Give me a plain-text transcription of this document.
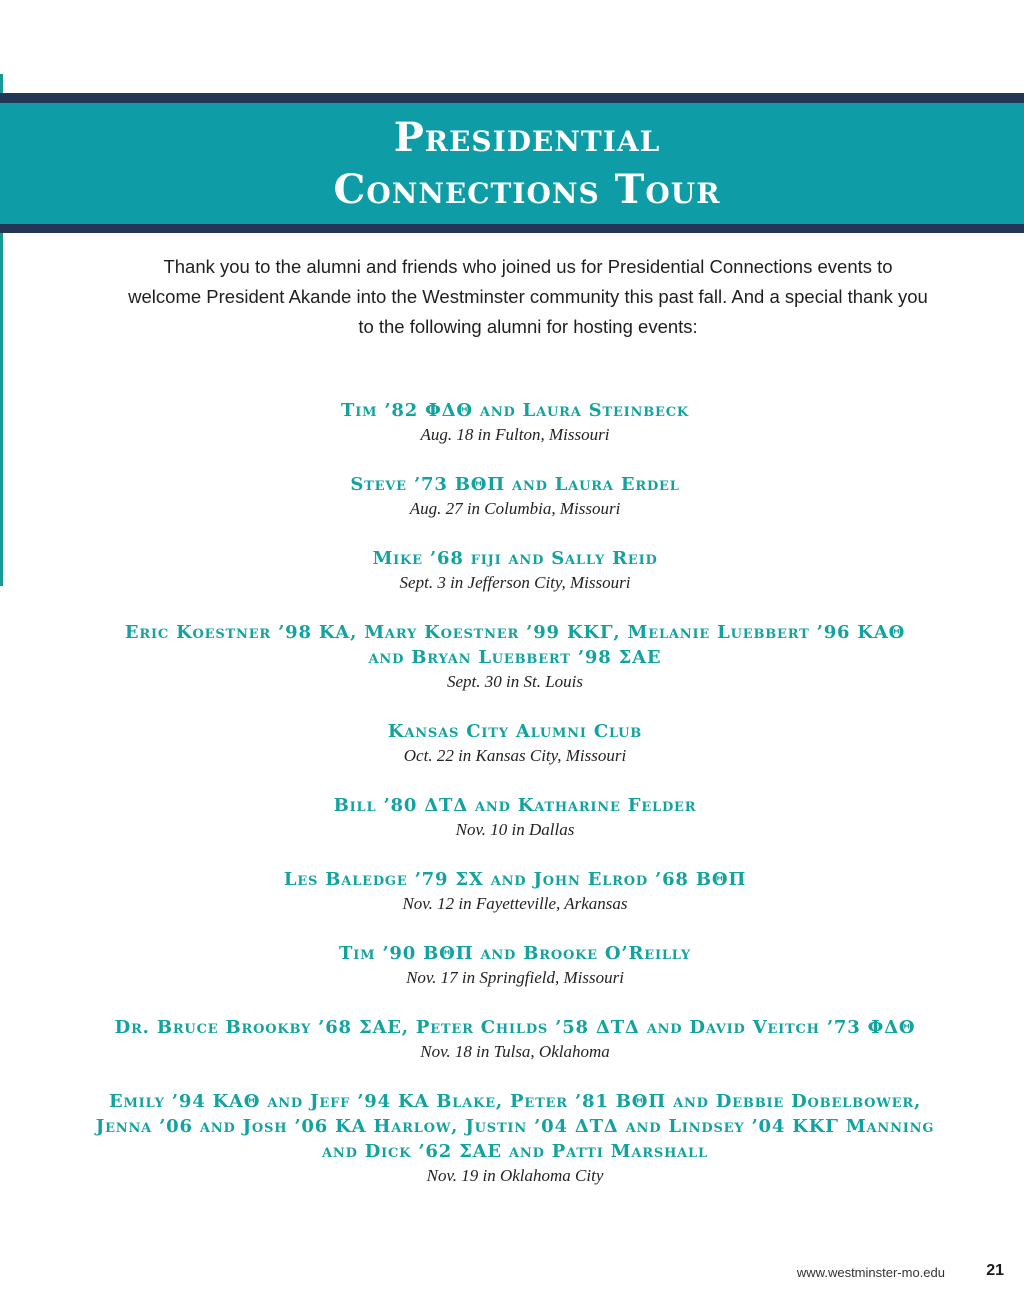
Presidential
Connections Tour

Thank you to the alumni and friends who joined us for Presidential Connections events to
welcome President Akande into the Westminster community this past fall. And a special thank you
to the following alumni for hosting events:

Tim ’82 ΦΔΘ and Laura Steinbeck
Aug. 18 in Fulton, Missouri
Steve ’73 ΒΘΠ and Laura Erdel
Aug. 27 in Columbia, Missouri
Mike ’68 fiji and Sally Reid
Sept. 3 in Jefferson City, Missouri
Eric Koestner ’98 ΚΑ, Mary Koestner ’99 ΚΚΓ, Melanie Luebbert ’96 ΚΑΘ
and Bryan Luebbert ’98 ΣΑΕ
Sept. 30 in St. Louis
Kansas City Alumni Club
Oct. 22 in Kansas City, Missouri
Bill ’80 ΔΤΔ and Katharine Felder
Nov. 10 in Dallas
Les Baledge ’79 ΣΧ and John Elrod ’68 ΒΘΠ
Nov. 12 in Fayetteville, Arkansas
Tim ’90 ΒΘΠ and Brooke O’Reilly
Nov. 17 in Springfield, Missouri
Dr. Bruce Brookby ’68 ΣΑΕ, Peter Childs ’58 ΔΤΔ and David Veitch ’73 ΦΔΘ
Nov. 18 in Tulsa, Oklahoma
Emily ’94 ΚΑΘ and Jeff ’94 ΚΑ Blake, Peter ’81 ΒΘΠ and Debbie Dobelbower,
Jenna ’06 and Josh ’06 ΚΑ Harlow, Justin ’04 ΔΤΔ and Lindsey ’04 ΚΚΓ Manning
and Dick ’62 ΣΑΕ and Patti Marshall
Nov. 19 in Oklahoma City
www.westminster-mo.edu	21
